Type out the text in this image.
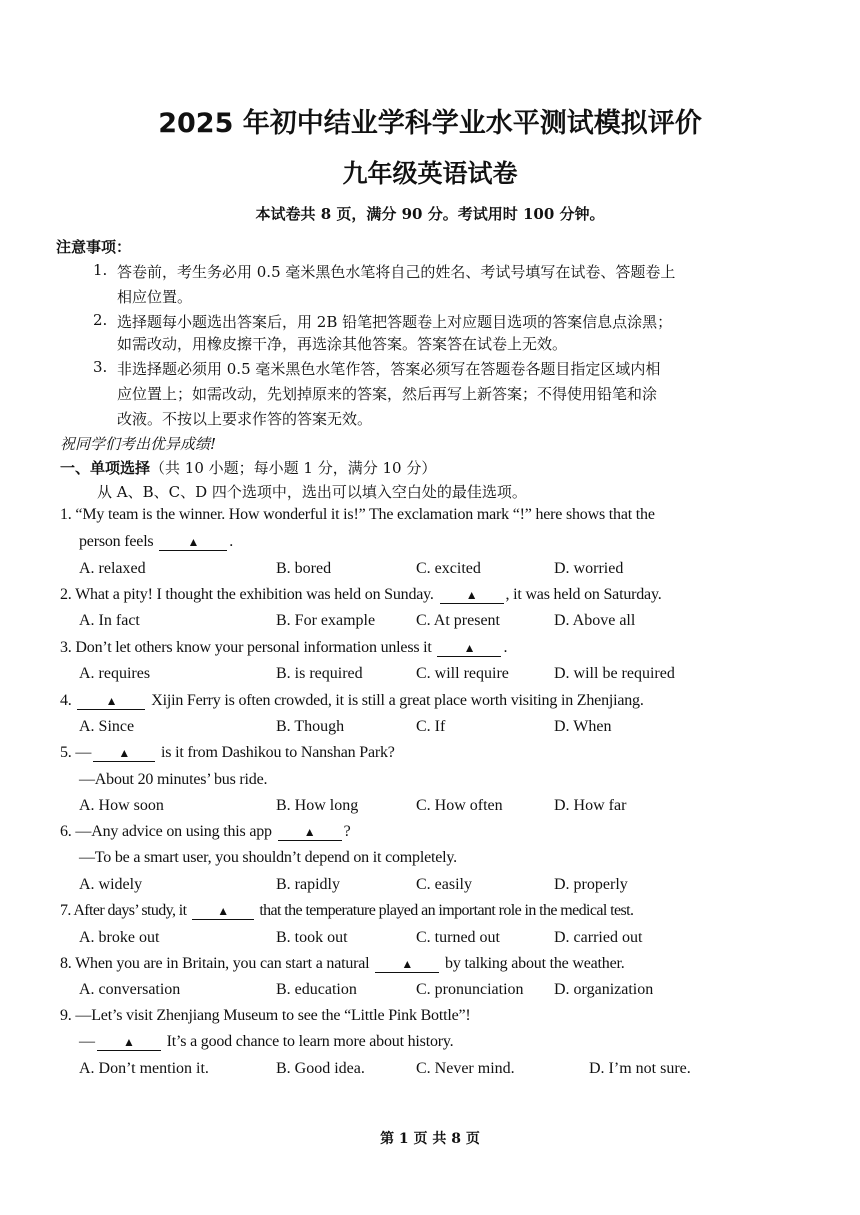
2025 年初中结业学科学业水平测试模拟评价
九年级英语试卷
本试卷共 8 页，满分 90 分。考试用时 100 分钟。
注意事项：
1. 答卷前，考生务必用 0.5 毫米黑色水笔将自己的姓名、考试号填写在试卷、答题卷上
相应位置。
2. 选择题每小题选出答案后，用 2B 铅笔把答题卷上对应题目选项的答案信息点涂黑；
如需改动，用橡皮擦干净，再选涂其他答案。答案答在试卷上无效。
3. 非选择题必须用 0.5 毫米黑色水笔作答，答案必须写在答题卷各题目指定区域内相
应位置上；如需改动，先划掉原来的答案，然后再写上新答案；不得使用铅笔和涂
改液。不按以上要求作答的答案无效。
祝同学们考出优异成绩!
一、单项选择（共 10 小题；每小题 1 分，满分 10 分）
从 A、B、C、D 四个选项中，选出可以填入空白处的最佳选项。
1. “My team is the winner. How wonderful it is!” The exclamation mark “!” here shows that the
person feels	▲ .
A. relaxed	B. bored	C. excited	D. worried
2. What a pity! I thought the exhibition was held on Sunday.	▲ , it was held on Saturday.
A. In fact	B. For example	C. At present	D. Above all
3. Don’t let others know your personal information unless it	▲ .
A. requires	B. is required	C. will require	D. will be required
4.	▲ Xijin Ferry is often crowded, it is still a great place worth visiting in Zhenjiang.
A. Since	B. Though	C. If	D. When
5. — ▲ is it from Dashikou to Nanshan Park?
—About 20 minutes’ bus ride.
A. How soon	B. How long	C. How often	D. How far
6. —Any advice on using this app	▲ ?
—To be a smart user, you shouldn’t depend on it completely.
A. widely	B. rapidly	C. easily	D. properly
7. After days’ study, it	▲ that the temperature played an important role in the medical test.
A. broke out	B. took out	C. turned out	D. carried out
8. When you are in Britain, you can start a natural	▲ by talking about the weather.
A. conversation	B. education	C. pronunciation D. organization
9. —Let’s visit Zhenjiang Museum to see the “Little Pink Bottle”!
— ▲ It’s a good chance to learn more about history.
A. Don’t mention it.	B. Good idea.	C. Never mind.	D. I’m not sure.
第 1 页 共 8 页
